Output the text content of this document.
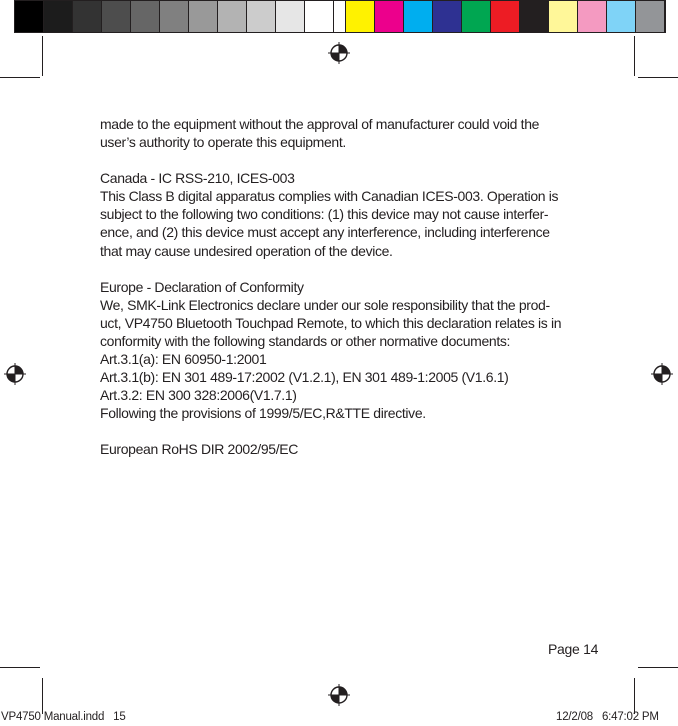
made to the equipment without the approval of manufacturer could void the
user’s authority to operate this equipment.
Canada - IC RSS-210, ICES-003
This Class B digital apparatus complies with Canadian ICES-003. Operation is
subject to the following two conditions: (1) this device may not cause interfer-
ence, and (2) this device must accept any interference, including interference
that may cause undesired operation of the device.
Europe - Declaration of Conformity
We, SMK-Link Electronics declare under our sole responsibility that the prod-
uct, VP4750 Bluetooth Touchpad Remote, to which this declaration relates is in
conformity with the following standards or other normative documents:
Art.3.1(a): EN 60950-1:2001
Art.3.1(b): EN 301 489-17:2002 (V1.2.1), EN 301 489-1:2005 (V1.6.1)
Art.3.2: EN 300 328:2006(V1.7.1)
Following the provisions of 1999/5/EC,R&TTE directive.
European RoHS DIR 2002/95/EC
Page 14
VP4750 Manual.indd   15	12/2/08   6:47:02 PM
